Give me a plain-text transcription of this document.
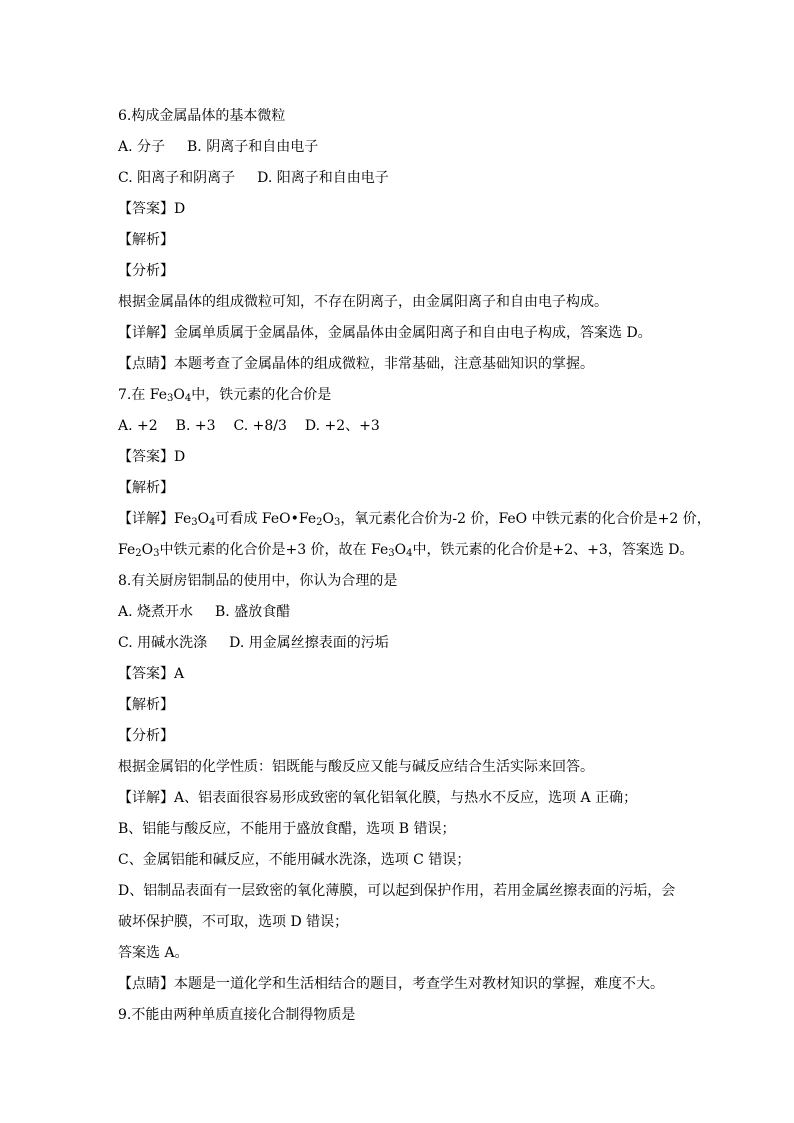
6.构成金属晶体的基本微粒
A. 分子 B. 阴离子和自由电子
C. 阳离子和阴离子 D. 阳离子和自由电子
【答案】D
【解析】
【分析】
根据金属晶体的组成微粒可知，不存在阴离子，由金属阳离子和自由电子构成。
【详解】金属单质属于金属晶体，金属晶体由金属阳离子和自由电子构成，答案选 D。
【点睛】本题考查了金属晶体的组成微粒，非常基础，注意基础知识的掌握。
7.在 $Fe_3O_4$中，铁元素的化合价是
A. +2 B. +3 C. +8/3 D. +2、+3
【答案】D
【解析】
【详解】$Fe_3O_4$可看成 $FeO•Fe_2O_3$，氧元素化合价为-2 价，FeO 中铁元素的化合价是+2 价，
$Fe_2O_3$中铁元素的化合价是+3 价，故在 $Fe_3O_4$中，铁元素的化合价是+2、+3，答案选 D。
8.有关厨房铝制品的使用中，你认为合理的是
A. 烧煮开水 B. 盛放食醋
C. 用碱水洗涤 D. 用金属丝擦表面的污垢
【答案】A
【解析】
【分析】
根据金属铝的化学性质：铝既能与酸反应又能与碱反应结合生活实际来回答。
【详解】A、铝表面很容易形成致密的氧化铝氧化膜，与热水不反应，选项 A 正确；
B、铝能与酸反应，不能用于盛放食醋，选项 B 错误；
C、金属铝能和碱反应，不能用碱水洗涤，选项 C 错误；
D、铝制品表面有一层致密的氧化薄膜，可以起到保护作用，若用金属丝擦表面的污垢，会
破坏保护膜，不可取，选项 D 错误；
答案选 A。
【点睛】本题是一道化学和生活相结合的题目，考查学生对教材知识的掌握，难度不大。
9.不能由两种单质直接化合制得物质是
